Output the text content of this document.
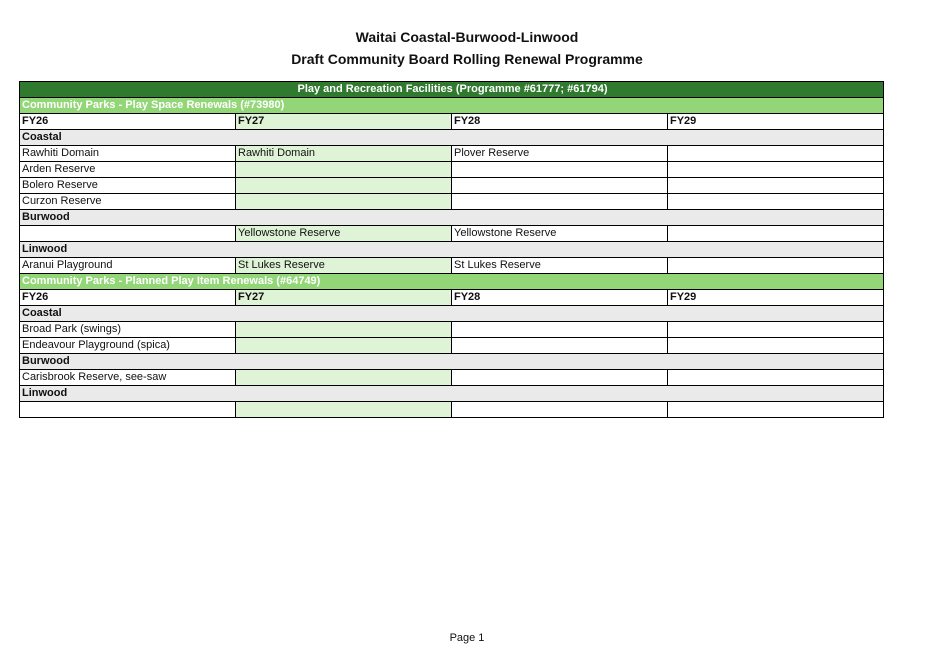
Waitai Coastal-Burwood-Linwood
Draft Community Board Rolling Renewal Programme
Play and Recreation Facilities (Programme #61777; #61794)			
Community Parks - Play Space Renewals (#73980)			
FY26	FY27	FY28	FY29
Coastal			
Rawhiti Domain	Rawhiti Domain	Plover Reserve	
Arden Reserve			
Bolero Reserve			
Curzon Reserve			
Burwood			
	Yellowstone Reserve	Yellowstone Reserve	
Linwood			
Aranui Playground	St Lukes Reserve	St Lukes Reserve	
Community Parks - Planned Play Item Renewals (#64749)			
FY26	FY27	FY28	FY29
Coastal			
Broad Park (swings)			
Endeavour Playground (spica)			
Burwood			
Carisbrook Reserve, see-saw			
Linwood			

Page 1
